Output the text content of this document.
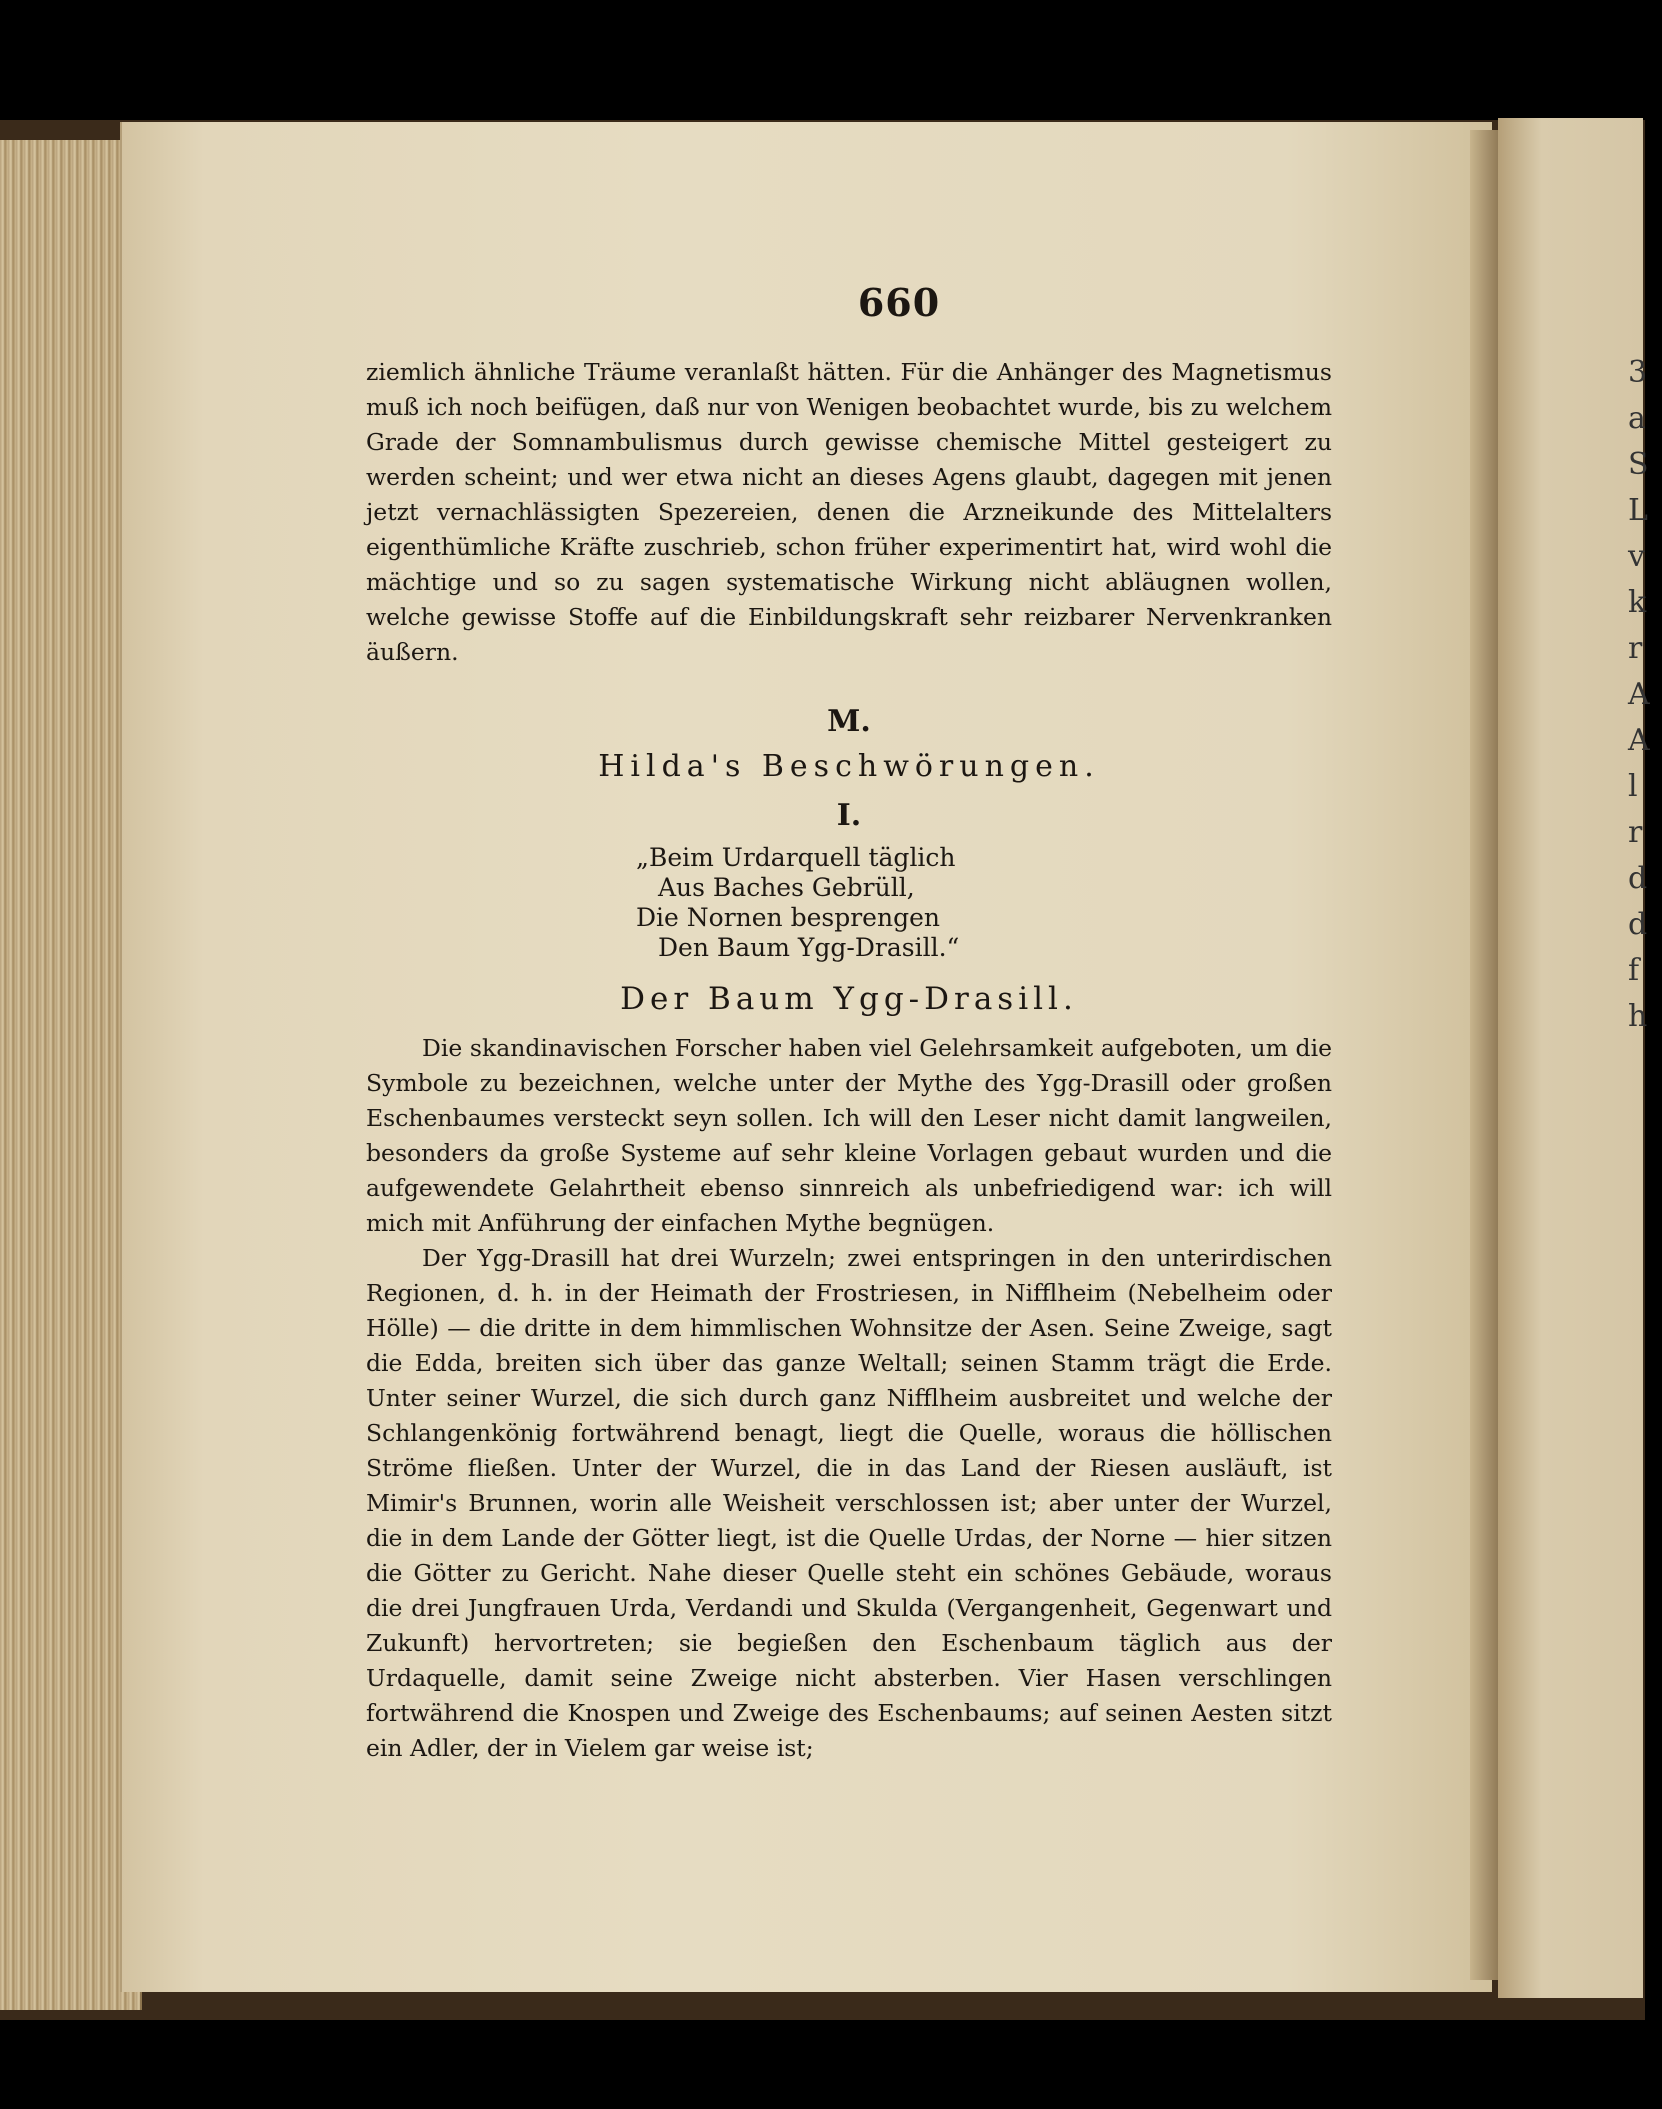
3
a
S
L
v
k
r
A
A
l
r
d
d
f
h
660

ziemlich ähnliche Träume veranlaßt hätten. Für die Anhänger des Magnetismus muß ich noch beifügen, daß nur von Wenigen beobachtet wurde, bis zu welchem Grade der Somnambulismus durch gewisse chemische Mittel gesteigert zu werden scheint; und wer etwa nicht an dieses Agens glaubt, dagegen mit jenen jetzt vernachlässigten Spezereien, denen die Arzneikunde des Mittelalters eigenthümliche Kräfte zuschrieb, schon früher experimentirt hat, wird wohl die mächtige und so zu sagen systematische Wirkung nicht abläugnen wollen, welche gewisse Stoffe auf die Einbildungskraft sehr reizbarer Nervenkranken äußern.

M.
Hilda's Beschwörungen.
I.
„Beim Urdarquell täglich
Aus Baches Gebrüll,
Die Nornen besprengen
Den Baum Ygg-Drasill.“
Der Baum Ygg-Drasill.

Die skandinavischen Forscher haben viel Gelehrsamkeit aufgeboten, um die Symbole zu bezeichnen, welche unter der Mythe des Ygg-Drasill oder großen Eschenbaumes versteckt seyn sollen. Ich will den Leser nicht damit langweilen, besonders da große Systeme auf sehr kleine Vorlagen gebaut wurden und die aufgewendete Gelahrtheit ebenso sinnreich als unbefriedigend war: ich will mich mit Anführung der einfachen Mythe begnügen.

Der Ygg-Drasill hat drei Wurzeln; zwei entspringen in den unterirdischen Regionen, d. h. in der Heimath der Frostriesen, in Nifflheim (Nebelheim oder Hölle) — die dritte in dem himmlischen Wohnsitze der Asen. Seine Zweige, sagt die Edda, breiten sich über das ganze Weltall; seinen Stamm trägt die Erde. Unter seiner Wurzel, die sich durch ganz Nifflheim ausbreitet und welche der Schlangenkönig fortwährend benagt, liegt die Quelle, woraus die höllischen Ströme fließen. Unter der Wurzel, die in das Land der Riesen ausläuft, ist Mimir's Brunnen, worin alle Weisheit verschlossen ist; aber unter der Wurzel, die in dem Lande der Götter liegt, ist die Quelle Urdas, der Norne — hier sitzen die Götter zu Gericht. Nahe dieser Quelle steht ein schönes Gebäude, woraus die drei Jungfrauen Urda, Verdandi und Skulda (Vergangenheit, Gegenwart und Zukunft) hervortreten; sie begießen den Eschenbaum täglich aus der Urdaquelle, damit seine Zweige nicht absterben. Vier Hasen verschlingen fortwährend die Knospen und Zweige des Eschenbaums; auf seinen Aesten sitzt ein Adler, der in Vielem gar weise ist;
